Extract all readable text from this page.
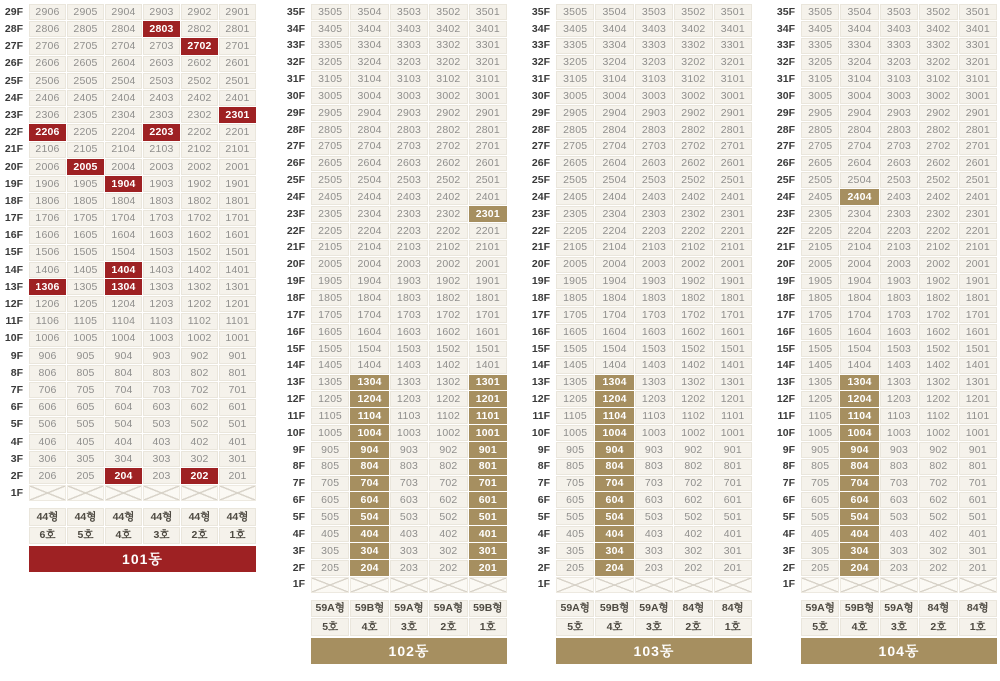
29F	2906	2905	2904	2903	2902	2901
28F	2806	2805	2804	2803	2802	2801
27F	2706	2705	2704	2703	2702	2701
26F	2606	2605	2604	2603	2602	2601
25F	2506	2505	2504	2503	2502	2501
24F	2406	2405	2404	2403	2402	2401
23F	2306	2305	2304	2303	2302	2301
22F	2206	2205	2204	2203	2202	2201
21F	2106	2105	2104	2103	2102	2101
20F	2006	2005	2004	2003	2002	2001
19F	1906	1905	1904	1903	1902	1901
18F	1806	1805	1804	1803	1802	1801
17F	1706	1705	1704	1703	1702	1701
16F	1606	1605	1604	1603	1602	1601
15F	1506	1505	1504	1503	1502	1501
14F	1406	1405	1404	1403	1402	1401
13F	1306	1305	1304	1303	1302	1301
12F	1206	1205	1204	1203	1202	1201
11F	1106	1105	1104	1103	1102	1101
10F	1006	1005	1004	1003	1002	1001
9F	906	905	904	903	902	901
8F	806	805	804	803	802	801
7F	706	705	704	703	702	701
6F	606	605	604	603	602	601
5F	506	505	504	503	502	501
4F	406	405	404	403	402	401
3F	306	305	304	303	302	301
2F	206	205	204	203	202	201
1F
44형	44형	44형	44형	44형	44형
6호	5호	4호	3호	2호	1호
101동
35F	3505	3504	3503	3502	3501
34F	3405	3404	3403	3402	3401
33F	3305	3304	3303	3302	3301
32F	3205	3204	3203	3202	3201
31F	3105	3104	3103	3102	3101
30F	3005	3004	3003	3002	3001
29F	2905	2904	2903	2902	2901
28F	2805	2804	2803	2802	2801
27F	2705	2704	2703	2702	2701
26F	2605	2604	2603	2602	2601
25F	2505	2504	2503	2502	2501
24F	2405	2404	2403	2402	2401
23F	2305	2304	2303	2302	2301
22F	2205	2204	2203	2202	2201
21F	2105	2104	2103	2102	2101
20F	2005	2004	2003	2002	2001
19F	1905	1904	1903	1902	1901
18F	1805	1804	1803	1802	1801
17F	1705	1704	1703	1702	1701
16F	1605	1604	1603	1602	1601
15F	1505	1504	1503	1502	1501
14F	1405	1404	1403	1402	1401
13F	1305	1304	1303	1302	1301
12F	1205	1204	1203	1202	1201
11F	1105	1104	1103	1102	1101
10F	1005	1004	1003	1002	1001
9F	905	904	903	902	901
8F	805	804	803	802	801
7F	705	704	703	702	701
6F	605	604	603	602	601
5F	505	504	503	502	501
4F	405	404	403	402	401
3F	305	304	303	302	301
2F	205	204	203	202	201
1F
59A형 59B형 59A형 59A형 59B형
5호	4호	3호	2호	1호
102동
35F	3505	3504	3503	3502	3501
34F	3405	3404	3403	3402	3401
33F	3305	3304	3303	3302	3301
32F	3205	3204	3203	3202	3201
31F	3105	3104	3103	3102	3101
30F	3005	3004	3003	3002	3001
29F	2905	2904	2903	2902	2901
28F	2805	2804	2803	2802	2801
27F	2705	2704	2703	2702	2701
26F	2605	2604	2603	2602	2601
25F	2505	2504	2503	2502	2501
24F	2405	2404	2403	2402	2401
23F	2305	2304	2303	2302	2301
22F	2205	2204	2203	2202	2201
21F	2105	2104	2103	2102	2101
20F	2005	2004	2003	2002	2001
19F	1905	1904	1903	1902	1901
18F	1805	1804	1803	1802	1801
17F	1705	1704	1703	1702	1701
16F	1605	1604	1603	1602	1601
15F	1505	1504	1503	1502	1501
14F	1405	1404	1403	1402	1401
13F	1305	1304	1303	1302	1301
12F	1205	1204	1203	1202	1201
11F	1105	1104	1103	1102	1101
10F	1005	1004	1003	1002	1001
9F	905	904	903	902	901
8F	805	804	803	802	801
7F	705	704	703	702	701
6F	605	604	603	602	601
5F	505	504	503	502	501
4F	405	404	403	402	401
3F	305	304	303	302	301
2F	205	204	203	202	201
1F
59A형 59B형 59A형	84형	84형
5호	4호	3호	2호	1호
103동
35F	3505	3504	3503	3502	3501
34F	3405	3404	3403	3402	3401
33F	3305	3304	3303	3302	3301
32F	3205	3204	3203	3202	3201
31F	3105	3104	3103	3102	3101
30F	3005	3004	3003	3002	3001
29F	2905	2904	2903	2902	2901
28F	2805	2804	2803	2802	2801
27F	2705	2704	2703	2702	2701
26F	2605	2604	2603	2602	2601
25F	2505	2504	2503	2502	2501
24F	2405	2404	2403	2402	2401
23F	2305	2304	2303	2302	2301
22F	2205	2204	2203	2202	2201
21F	2105	2104	2103	2102	2101
20F	2005	2004	2003	2002	2001
19F	1905	1904	1903	1902	1901
18F	1805	1804	1803	1802	1801
17F	1705	1704	1703	1702	1701
16F	1605	1604	1603	1602	1601
15F	1505	1504	1503	1502	1501
14F	1405	1404	1403	1402	1401
13F	1305	1304	1303	1302	1301
12F	1205	1204	1203	1202	1201
11F	1105	1104	1103	1102	1101
10F	1005	1004	1003	1002	1001
9F	905	904	903	902	901
8F	805	804	803	802	801
7F	705	704	703	702	701
6F	605	604	603	602	601
5F	505	504	503	502	501
4F	405	404	403	402	401
3F	305	304	303	302	301
2F	205	204	203	202	201
1F
59A형 59B형 59A형	84형	84형
5호	4호	3호	2호	1호
104동
